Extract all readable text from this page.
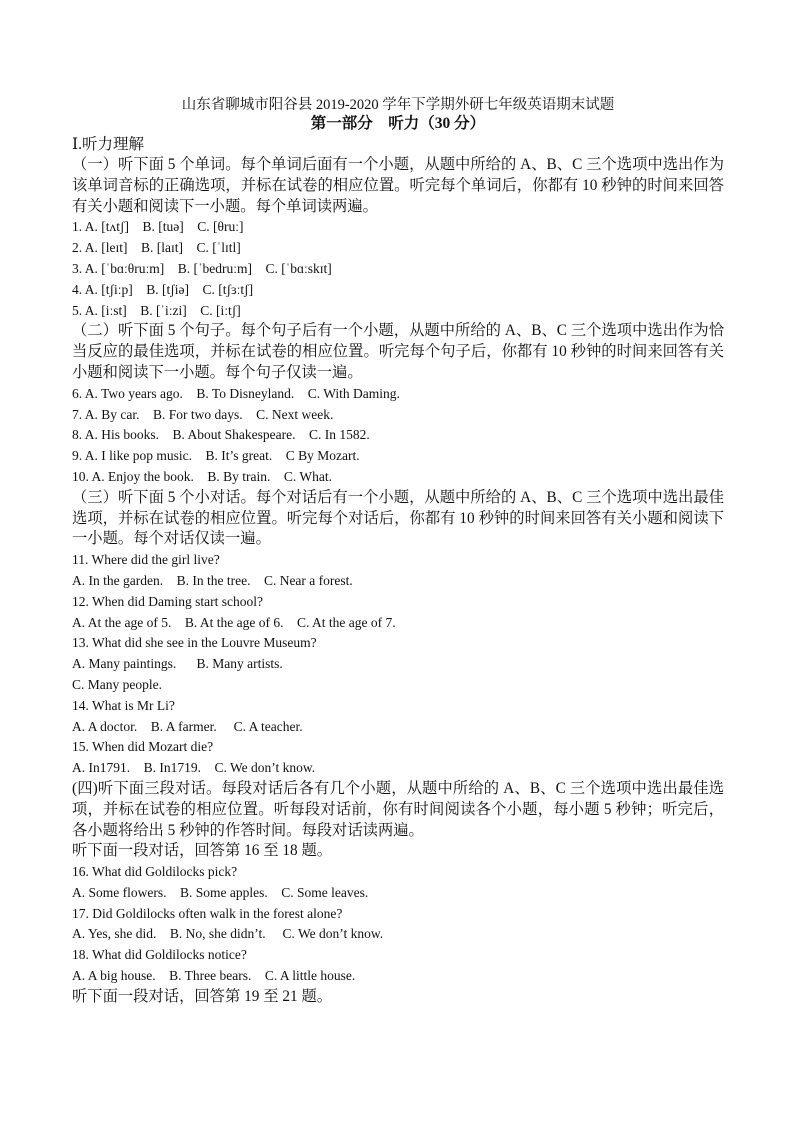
山东省聊城市阳谷县 2019-2020 学年下学期外研七年级英语期末试题

第一部分　听力（30 分）

Ⅰ.听力理解

（一）听下面 5 个单词。每个单词后面有一个小题，从题中所给的 A、B、C 三个选项中选出作为该单词音标的正确选项，并标在试卷的相应位置。听完每个单词后，你都有 10 秒钟的时间来回答有关小题和阅读下一小题。每个单词读两遍。

1. A. [tʌtʃ]    B. [tuə]    C. [θruː]

2. A. [leɪt]    B. [laɪt]    C. [ˈlɪtl]

3. A. [ˈbɑːθruːm]    B. [ˈbedruːm]    C. [ˈbɑːskɪt]

4. A. [tʃiːp]    B. [tʃiə]    C. [tʃɜːtʃ]

5. A. [iːst]    B. [ˈiːzi]    C. [iːtʃ]

（二）听下面 5 个句子。每个句子后有一个小题，从题中所给的 A、B、C 三个选项中选出作为恰当反应的最佳选项，并标在试卷的相应位置。听完每个句子后，你都有 10 秒钟的时间来回答有关小题和阅读下一小题。每个句子仅读一遍。

6. A. Two years ago.    B. To Disneyland.    C. With Daming.

7. A. By car.    B. For two days.    C. Next week.

8. A. His books.    B. About Shakespeare.    C. In 1582.

9. A. I like pop music.    B. It’s great.    C By Mozart.

10. A. Enjoy the book.    B. By train.    C. What.

（三）听下面 5 个小对话。每个对话后有一个小题，从题中所给的 A、B、C 三个选项中选出最佳选项，并标在试卷的相应位置。听完每个对话后，你都有 10 秒钟的时间来回答有关小题和阅读下一小题。每个对话仅读一遍。

11. Where did the girl live?

A. In the garden.    B. In the tree.    C. Near a forest.

12. When did Daming start school?

A. At the age of 5.    B. At the age of 6.    C. At the age of 7.

13. What did she see in the Louvre Museum?

A. Many paintings.      B. Many artists.

C. Many people.

14. What is Mr Li?

A. A doctor.    B. A farmer.     C. A teacher.

15. When did Mozart die?

A. In1791.    B. In1719.    C. We don’t know.

(四)听下面三段对话。每段对话后各有几个小题，从题中所给的 A、B、C 三个选项中选出最佳选项，并标在试卷的相应位置。听每段对话前，你有时间阅读各个小题，每小题 5 秒钟；听完后，各小题将给出 5 秒钟的作答时间。每段对话读两遍。

听下面一段对话，回答第 16 至 18 题。

16. What did Goldilocks pick?

A. Some flowers.    B. Some apples.    C. Some leaves.

17. Did Goldilocks often walk in the forest alone?

A. Yes, she did.    B. No, she didn’t.     C. We don’t know.

18. What did Goldilocks notice?

A. A big house.    B. Three bears.    C. A little house.

听下面一段对话，回答第 19 至 21 题。
